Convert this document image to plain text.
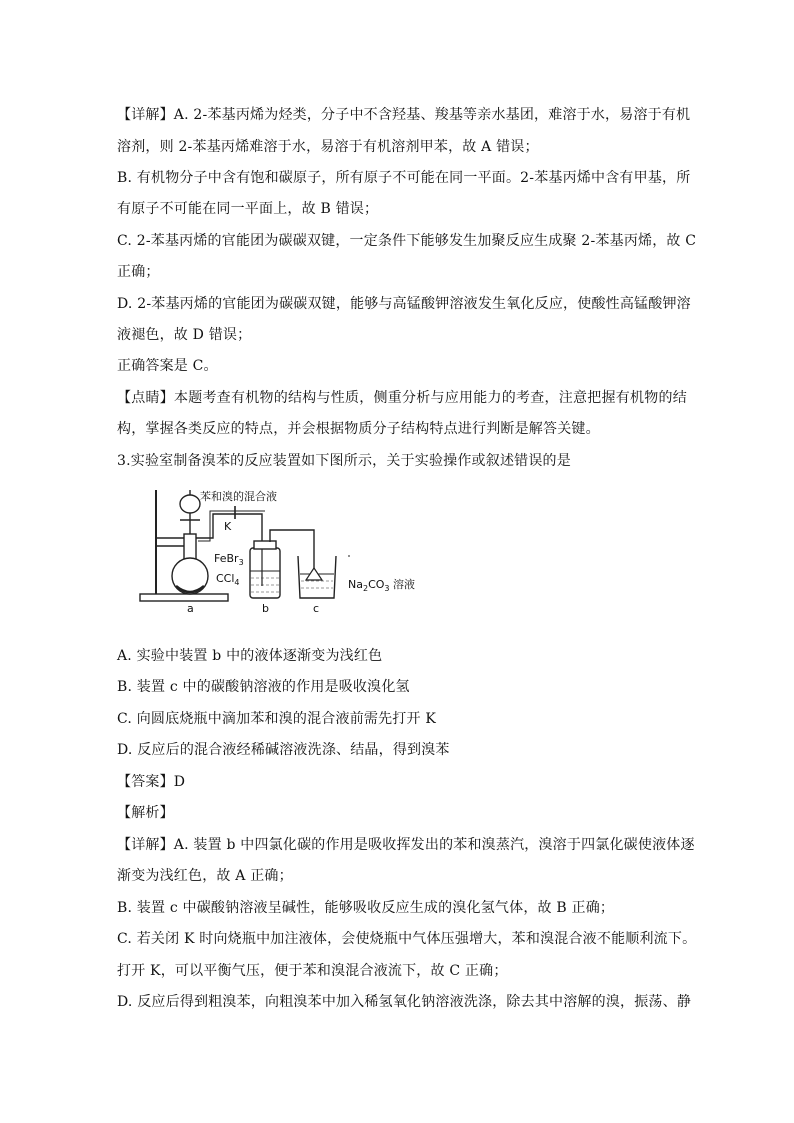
苯和溴的混合液
K
FeBr$_3$
CCl$_4$	$Na_2CO_3$ 溶液
a	b	c
【详解】A. 2-苯基丙烯为烃类，分子中不含羟基、羧基等亲水基团，难溶于水，易溶于有机
溶剂，则 2-苯基丙烯难溶于水，易溶于有机溶剂甲苯，故 A 错误；
B. 有机物分子中含有饱和碳原子，所有原子不可能在同一平面。2-苯基丙烯中含有甲基，所
有原子不可能在同一平面上，故 B 错误；
C. 2-苯基丙烯的官能团为碳碳双键，一定条件下能够发生加聚反应生成聚 2-苯基丙烯，故 C
正确；
D. 2-苯基丙烯的官能团为碳碳双键，能够与高锰酸钾溶液发生氧化反应，使酸性高锰酸钾溶
液褪色，故 D 错误；
正确答案是 C。
【点睛】本题考查有机物的结构与性质，侧重分析与应用能力的考查，注意把握有机物的结
构，掌握各类反应的特点，并会根据物质分子结构特点进行判断是解答关键。
3.实验室制备溴苯的反应装置如下图所示，关于实验操作或叙述错误的是
A. 实验中装置 b 中的液体逐渐变为浅红色
B. 装置 c 中的碳酸钠溶液的作用是吸收溴化氢
C. 向圆底烧瓶中滴加苯和溴的混合液前需先打开 K
D. 反应后的混合液经稀碱溶液洗涤、结晶，得到溴苯
【答案】D
【解析】
【详解】A. 装置 b 中四氯化碳的作用是吸收挥发出的苯和溴蒸汽，溴溶于四氯化碳使液体逐
渐变为浅红色，故 A 正确；
B. 装置 c 中碳酸钠溶液呈碱性，能够吸收反应生成的溴化氢气体，故 B 正确；
C. 若关闭 K 时向烧瓶中加注液体，会使烧瓶中气体压强增大，苯和溴混合液不能顺利流下。
打开 K，可以平衡气压，便于苯和溴混合液流下，故 C 正确；
D. 反应后得到粗溴苯，向粗溴苯中加入稀氢氧化钠溶液洗涤，除去其中溶解的溴，振荡、静
